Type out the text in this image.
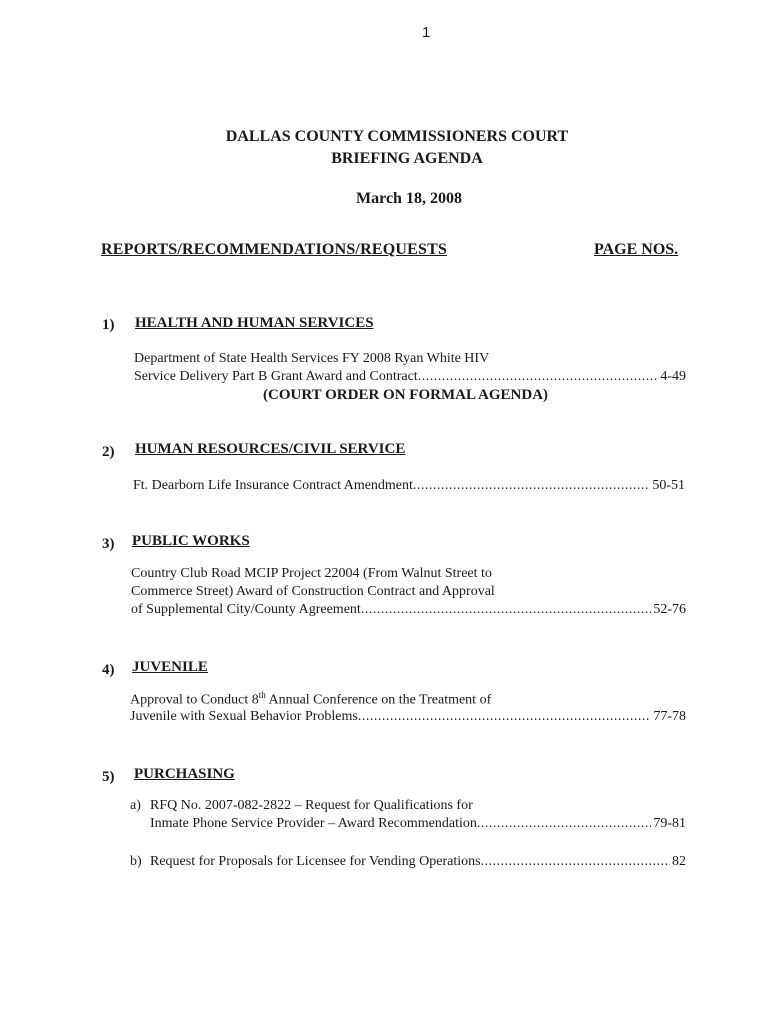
1
DALLAS COUNTY COMMISSIONERS COURT
BRIEFING AGENDA
March 18, 2008
REPORTS/RECOMMENDATIONS/REQUESTS	PAGE NOS.
1) HEALTH AND HUMAN SERVICES
Department of State Health Services FY 2008 Ryan White HIV
Service Delivery Part B Grant Award and Contract .....	4-49
(COURT ORDER ON FORMAL AGENDA)
2) HUMAN RESOURCES/CIVIL SERVICE
Ft. Dearborn Life Insurance Contract Amendment .....	50-51
3) PUBLIC WORKS
Country Club Road MCIP Project 22004 (From Walnut Street to
Commerce Street) Award of Construction Contract and Approval
of Supplemental City/County Agreement .....	52-76
4) JUVENILE
Approval to Conduct 8th Annual Conference on the Treatment of
Juvenile with Sexual Behavior Problems .....	77-78
5) PURCHASING
a) RFQ No. 2007-082-2822 – Request for Qualifications for
Inmate Phone Service Provider – Award Recommendation .....	79-81
b) Request for Proposals for Licensee for Vending Operations .....	82
